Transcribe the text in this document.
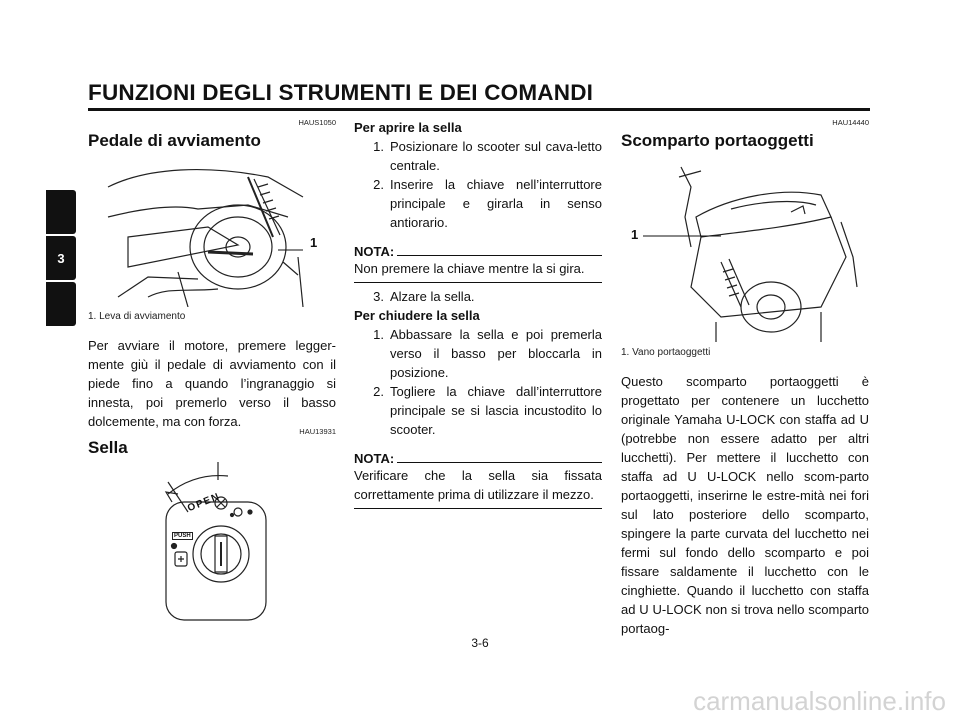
FUNZIONI DEGLI STRUMENTI E DEI COMANDI
3
HAUS1050
Pedale di avviamento
1
1. Leva di avviamento
Per avviare il motore, premere legger-mente giù il pedale di avviamento con il piede fino a quando l’ingranaggio si innesta, poi premerlo verso il basso dolcemente, ma con forza.
HAU13931
Sella
OPEN
PUSH
Per aprire la sella
1. Posizionare lo scooter sul cava-letto centrale.
2. Inserire la chiave nell’interruttore principale e girarla in senso antiorario.
NOTA:
Non premere la chiave mentre la si gira.
3. Alzare la sella.
Per chiudere la sella
1. Abbassare la sella e poi premerla verso il basso per bloccarla in posizione.
2. Togliere la chiave dall’interruttore principale se si lascia incustodito lo scooter.
NOTA:
Verificare che la sella sia fissata correttamente prima di utilizzare il mezzo.
HAU14440
Scomparto portaoggetti
1
1. Vano portaoggetti
Questo scomparto portaoggetti è progettato per contenere un lucchetto originale Yamaha U-LOCK con staffa ad U (potrebbe non essere adatto per altri lucchetti). Per mettere il lucchetto con staffa ad U U-LOCK nello scom-parto portaoggetti, inserirne le estre-mità nei fori sul lato posteriore dello scomparto, spingere la parte curvata del lucchetto nei fermi sul fondo dello scomparto e poi fissare saldamente il lucchetto con le cinghiette. Quando il lucchetto con staffa ad U U-LOCK non si trova nello scomparto portaog-
3-6
carmanualsonline.info
